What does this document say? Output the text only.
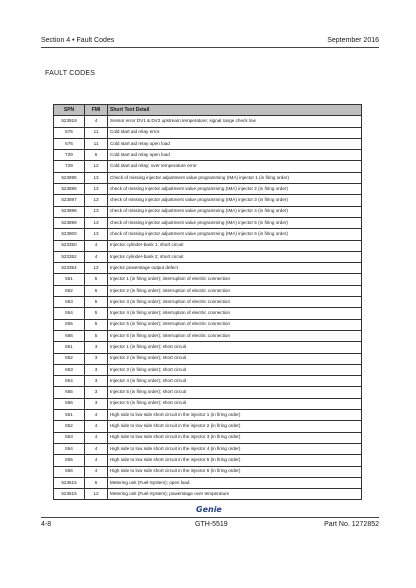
Section 4 • Fault Codes	September 2016
FAULT CODES
SPN	FMI	Short Text Detail
523918	4	Sensor error DV1 & DV2 upstream temperature; signal range check low
676	11	Cold start aid relay error.
676	11	Cold start aid relay open load
729	5	Cold start aid relay open load
729	12	Cold start aid relay; over temperature error
523895	13	Check of missing injector adjustment value programming (IMA) injector 1 (in firing order)
523896	13	check of missing injector adjustment value programming (IMA) injector 2 (in firing order)
523897	13	check of missing injector adjustment value programming (IMA) injector 3 (in firing order)
523898	13	check of missing injector adjustment value programming (IMA) injector 4 (in firing order)
523899	13	check of missing injector adjustment value programming (IMA) injector 5 (in firing order)
523900	13	check of missing injector adjustment value programming (IMA) injector 6 (in firing order)
523350	4	Injector cylinder-bank 1; short circuit
523352	4	Injector cylinder-bank 2; short circuit
523354	12	Injector powerstage output defect
651	5	Injector 1 (in firing order); interruption of electric connection
652	5	Injector 2 (in firing order); interruption of electric connection
653	5	Injector 3 (in firing order); interruption of electric connection
654	5	Injector 4 (in firing order); interruption of electric connection
655	5	Injector 5 (in firing order); interruption of electric connection
656	5	Injector 6 (in firing order); interruption of electric connection
651	3	Injector 1 (in firing order); short circuit
652	3	Injector 2 (in firing order); short circuit
653	3	Injector 3 (in firing order); short circuit
654	3	Injector 4 (in firing order); short circuit
655	3	Injector 5 (in firing order); short circuit
656	3	Injector 6 (in firing order); short circuit
651	4	High side to low side short circuit in the injector 1 (in firing order)
652	4	High side to low side short circuit in the injector 2 (in firing order)
653	4	High side to low side short circuit in the injector 3 (in firing order)
654	4	High side to low side short circuit in the injector 4 (in firing order)
655	4	High side to low side short circuit in the injector 5 (in firing order)
656	4	High side to low side short circuit in the injector 6 (in firing order)
523615	5	Metering unit (Fuel-System); open load
523615	12	Metering unit (Fuel-System); powerstage over temperature
Genie
4-8	GTH-5519	Part No. 1272852
